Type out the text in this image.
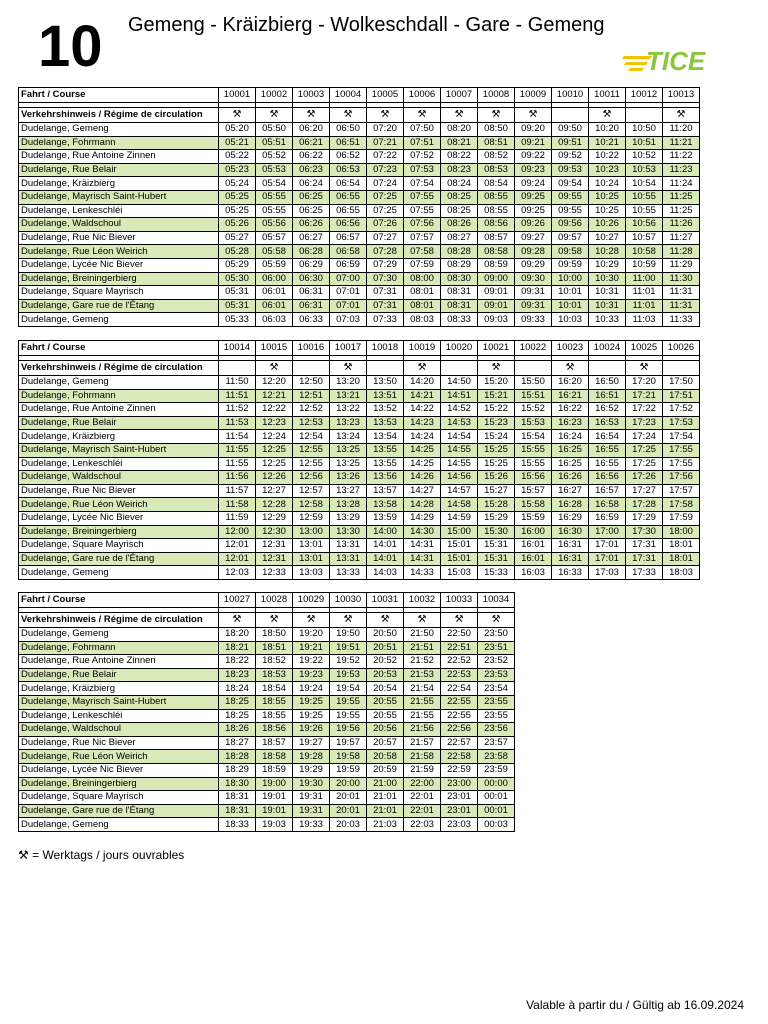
10 Gemeng - Kräizbierg - Wolkeschdall - Gare - Gemeng
TICE
Fahrt / Course	10001	10002	10003	10004	10005	10006	10007	10008	10009	10010	10011	10012	10013

Verkehrshinweis / Régime de circulation	⚒	⚒	⚒	⚒	⚒	⚒	⚒	⚒	⚒		⚒		⚒
Dudelange, Gemeng	05:20	05:50	06:20	06:50	07:20	07:50	08:20	08:50	09:20	09:50	10:20	10:50	11:20
Dudelange, Fohrmann	05:21	05:51	06:21	06:51	07:21	07:51	08:21	08:51	09:21	09:51	10:21	10:51	11:21
Dudelange, Rue Antoine Zinnen	05:22	05:52	06:22	06:52	07:22	07:52	08:22	08:52	09:22	09:52	10:22	10:52	11:22
Dudelange, Rue Belair	05:23	05:53	06:23	06:53	07:23	07:53	08:23	08:53	09:23	09:53	10:23	10:53	11:23
Dudelange, Kräizbierg	05:24	05:54	06:24	06:54	07:24	07:54	08:24	08:54	09:24	09:54	10:24	10:54	11:24
Dudelange, Mayrisch Saint-Hubert	05:25	05:55	06:25	06:55	07:25	07:55	08:25	08:55	09:25	09:55	10:25	10:55	11:25
Dudelange, Lenkeschléi	05:25	05:55	06:25	06:55	07:25	07:55	08:25	08:55	09:25	09:55	10:25	10:55	11:25
Dudelange, Waldschoul	05:26	05:56	06:26	06:56	07:26	07:56	08:26	08:56	09:26	09:56	10:26	10:56	11:26
Dudelange, Rue Nic Biever	05:27	05:57	06:27	06:57	07:27	07:57	08:27	08:57	09:27	09:57	10:27	10:57	11:27
Dudelange, Rue Léon Weirich	05:28	05:58	06:28	06:58	07:28	07:58	08:28	08:58	09:28	09:58	10:28	10:58	11:28
Dudelange, Lycée Nic Biever	05:29	05:59	06:29	06:59	07:29	07:59	08:29	08:59	09:29	09:59	10:29	10:59	11:29
Dudelange, Breiningerbierg	05:30	06:00	06:30	07:00	07:30	08:00	08:30	09:00	09:30	10:00	10:30	11:00	11:30
Dudelange, Square Mayrisch	05:31	06:01	06:31	07:01	07:31	08:01	08:31	09:01	09:31	10:01	10:31	11:01	11:31
Dudelange, Gare rue de l'Étang	05:31	06:01	06:31	07:01	07:31	08:01	08:31	09:01	09:31	10:01	10:31	11:01	11:31
Dudelange, Gemeng	05:33	06:03	06:33	07:03	07:33	08:03	08:33	09:03	09:33	10:03	10:33	11:03	11:33
Fahrt / Course	10014	10015	10016	10017	10018	10019	10020	10021	10022	10023	10024	10025	10026

Verkehrshinweis / Régime de circulation		⚒		⚒		⚒		⚒		⚒		⚒	
Dudelange, Gemeng	11:50	12:20	12:50	13:20	13:50	14:20	14:50	15:20	15:50	16:20	16:50	17:20	17:50
Dudelange, Fohrmann	11:51	12:21	12:51	13:21	13:51	14:21	14:51	15:21	15:51	16:21	16:51	17:21	17:51
Dudelange, Rue Antoine Zinnen	11:52	12:22	12:52	13:22	13:52	14:22	14:52	15:22	15:52	16:22	16:52	17:22	17:52
Dudelange, Rue Belair	11:53	12:23	12:53	13:23	13:53	14:23	14:53	15:23	15:53	16:23	16:53	17:23	17:53
Dudelange, Kräizbierg	11:54	12:24	12:54	13:24	13:54	14:24	14:54	15:24	15:54	16:24	16:54	17:24	17:54
Dudelange, Mayrisch Saint-Hubert	11:55	12:25	12:55	13:25	13:55	14:25	14:55	15:25	15:55	16:25	16:55	17:25	17:55
Dudelange, Lenkeschléi	11:55	12:25	12:55	13:25	13:55	14:25	14:55	15:25	15:55	16:25	16:55	17:25	17:55
Dudelange, Waldschoul	11:56	12:26	12:56	13:26	13:56	14:26	14:56	15:26	15:56	16:26	16:56	17:26	17:56
Dudelange, Rue Nic Biever	11:57	12:27	12:57	13:27	13:57	14:27	14:57	15:27	15:57	16:27	16:57	17:27	17:57
Dudelange, Rue Léon Weirich	11:58	12:28	12:58	13:28	13:58	14:28	14:58	15:28	15:58	16:28	16:58	17:28	17:58
Dudelange, Lycée Nic Biever	11:59	12:29	12:59	13:29	13:59	14:29	14:59	15:29	15:59	16:29	16:59	17:29	17:59
Dudelange, Breiningerbierg	12:00	12:30	13:00	13:30	14:00	14:30	15:00	15:30	16:00	16:30	17:00	17:30	18:00
Dudelange, Square Mayrisch	12:01	12:31	13:01	13:31	14:01	14:31	15:01	15:31	16:01	16:31	17:01	17:31	18:01
Dudelange, Gare rue de l'Étang	12:01	12:31	13:01	13:31	14:01	14:31	15:01	15:31	16:01	16:31	17:01	17:31	18:01
Dudelange, Gemeng	12:03	12:33	13:03	13:33	14:03	14:33	15:03	15:33	16:03	16:33	17:03	17:33	18:03
Fahrt / Course	10027	10028	10029	10030	10031	10032	10033	10034

Verkehrshinweis / Régime de circulation	⚒	⚒	⚒	⚒	⚒	⚒	⚒	⚒
Dudelange, Gemeng	18:20	18:50	19:20	19:50	20:50	21:50	22:50	23:50
Dudelange, Fohrmann	18:21	18:51	19:21	19:51	20:51	21:51	22:51	23:51
Dudelange, Rue Antoine Zinnen	18:22	18:52	19:22	19:52	20:52	21:52	22:52	23:52
Dudelange, Rue Belair	18:23	18:53	19:23	19:53	20:53	21:53	22:53	23:53
Dudelange, Kräizbierg	18:24	18:54	19:24	19:54	20:54	21:54	22:54	23:54
Dudelange, Mayrisch Saint-Hubert	18:25	18:55	19:25	19:55	20:55	21:55	22:55	23:55
Dudelange, Lenkeschléi	18:25	18:55	19:25	19:55	20:55	21:55	22:55	23:55
Dudelange, Waldschoul	18:26	18:56	19:26	19:56	20:56	21:56	22:56	23:56
Dudelange, Rue Nic Biever	18:27	18:57	19:27	19:57	20:57	21:57	22:57	23:57
Dudelange, Rue Léon Weirich	18:28	18:58	19:28	19:58	20:58	21:58	22:58	23:58
Dudelange, Lycée Nic Biever	18:29	18:59	19:29	19:59	20:59	21:59	22:59	23:59
Dudelange, Breiningerbierg	18:30	19:00	19:30	20:00	21:00	22:00	23:00	00:00
Dudelange, Square Mayrisch	18:31	19:01	19:31	20:01	21:01	22:01	23:01	00:01
Dudelange, Gare rue de l'Étang	18:31	19:01	19:31	20:01	21:01	22:01	23:01	00:01
Dudelange, Gemeng	18:33	19:03	19:33	20:03	21:03	22:03	23:03	00:03
⚒ = Werktags / jours ouvrables
Valable à partir du / Gültig ab 16.09.2024
